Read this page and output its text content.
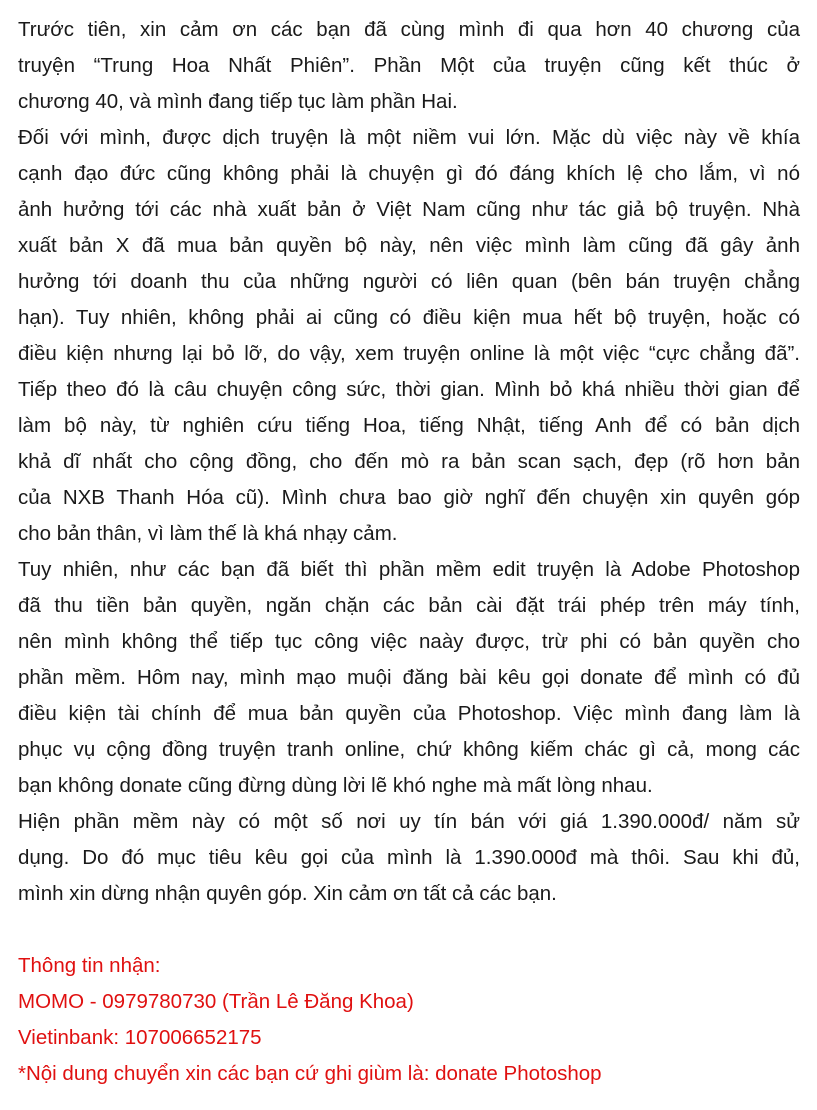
Trước tiên, xin cảm ơn các bạn đã cùng mình đi qua hơn 40 chương của
truyện “Trung Hoa Nhất Phiên”. Phần Một của truyện cũng kết thúc ở
chương 40, và mình đang tiếp tục làm phần Hai.
Đối với mình, được dịch truyện là một niềm vui lớn. Mặc dù việc này về khía
cạnh đạo đức cũng không phải là chuyện gì đó đáng khích lệ cho lắm, vì nó
ảnh hưởng tới các nhà xuất bản ở Việt Nam cũng như tác giả bộ truyện. Nhà
xuất bản X đã mua bản quyền bộ này, nên việc mình làm cũng đã gây ảnh
hưởng tới doanh thu của những người có liên quan (bên bán truyện chẳng
hạn). Tuy nhiên, không phải ai cũng có điều kiện mua hết bộ truyện, hoặc có
điều kiện nhưng lại bỏ lỡ, do vậy, xem truyện online là một việc “cực chẳng đã”.
Tiếp theo đó là câu chuyện công sức, thời gian. Mình bỏ khá nhiều thời gian để
làm bộ này, từ nghiên cứu tiếng Hoa, tiếng Nhật, tiếng Anh để có bản dịch
khả dĩ nhất cho cộng đồng, cho đến mò ra bản scan sạch, đẹp (rõ hơn bản
của NXB Thanh Hóa cũ). Mình chưa bao giờ nghĩ đến chuyện xin quyên góp
cho bản thân, vì làm thế là khá nhạy cảm.
Tuy nhiên, như các bạn đã biết thì phần mềm edit truyện là Adobe Photoshop
đã thu tiền bản quyền, ngăn chặn các bản cài đặt trái phép trên máy tính,
nên mình không thể tiếp tục công việc naày được, trừ phi có bản quyền cho
phần mềm. Hôm nay, mình mạo muội đăng bài kêu gọi donate để mình có đủ
điều kiện tài chính để mua bản quyền của Photoshop. Việc mình đang làm là
phục vụ cộng đồng truyện tranh online, chứ không kiếm chác gì cả, mong các
bạn không donate cũng đừng dùng lời lẽ khó nghe mà mất lòng nhau.
Hiện phần mềm này có một số nơi uy tín bán với giá 1.390.000đ/ năm sử
dụng. Do đó mục tiêu kêu gọi của mình là 1.390.000đ mà thôi. Sau khi đủ,
mình xin dừng nhận quyên góp. Xin cảm ơn tất cả các bạn.
Thông tin nhận:
MOMO - 0979780730 (Trần Lê Đăng Khoa)
Vietinbank: 107006652175
*Nội dung chuyển xin các bạn cứ ghi giùm là: donate Photoshop
